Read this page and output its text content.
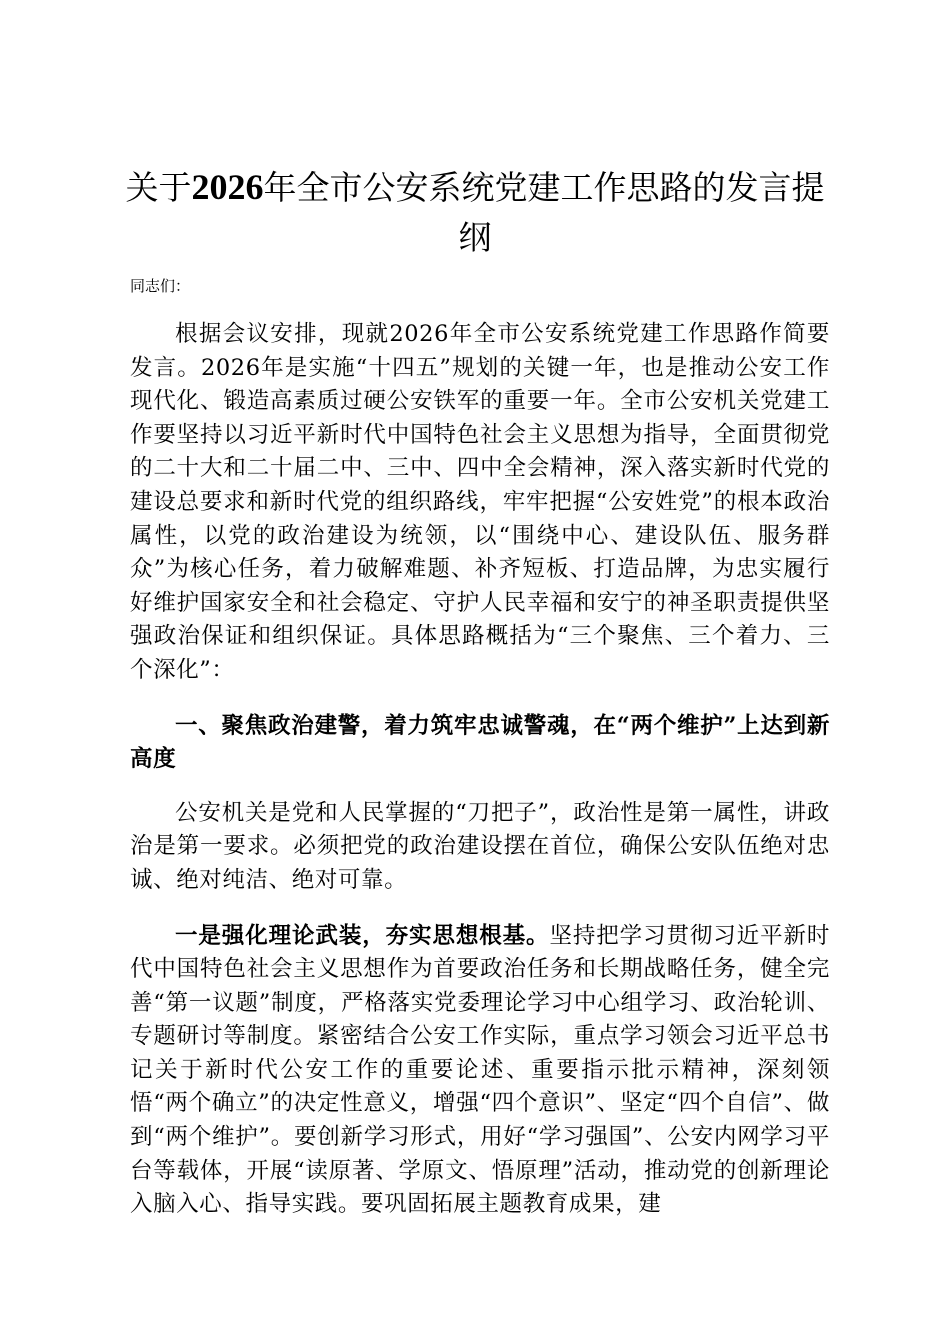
关于2026年全市公安系统党建工作思路的发言提纲

同志们：

根据会议安排，现就2026年全市公安系统党建工作思路作简要发言。2026年是实施“十四五”规划的关键一年，也是推动公安工作现代化、锻造高素质过硬公安铁军的重要一年。全市公安机关党建工作要坚持以习近平新时代中国特色社会主义思想为指导，全面贯彻党的二十大和二十届二中、三中、四中全会精神，深入落实新时代党的建设总要求和新时代党的组织路线，牢牢把握“公安姓党”的根本政治属性，以党的政治建设为统领，以“围绕中心、建设队伍、服务群众”为核心任务，着力破解难题、补齐短板、打造品牌，为忠实履行好维护国家安全和社会稳定、守护人民幸福和安宁的神圣职责提供坚强政治保证和组织保证。具体思路概括为“三个聚焦、三个着力、三个深化”：

一、聚焦政治建警，着力筑牢忠诚警魂，在“两个维护”上达到新高度

公安机关是党和人民掌握的“刀把子”，政治性是第一属性，讲政治是第一要求。必须把党的政治建设摆在首位，确保公安队伍绝对忠诚、绝对纯洁、绝对可靠。

一是强化理论武装，夯实思想根基。坚持把学习贯彻习近平新时代中国特色社会主义思想作为首要政治任务和长期战略任务，健全完善“第一议题”制度，严格落实党委理论学习中心组学习、政治轮训、专题研讨等制度。紧密结合公安工作实际，重点学习领会习近平总书记关于新时代公安工作的重要论述、重要指示批示精神，深刻领悟“两个确立”的决定性意义，增强“四个意识”、坚定“四个自信”、做到“两个维护”。要创新学习形式，用好“学习强国”、公安内网学习平台等载体，开展“读原著、学原文、悟原理”活动，推动党的创新理论入脑入心、指导实践。要巩固拓展主题教育成果，建
